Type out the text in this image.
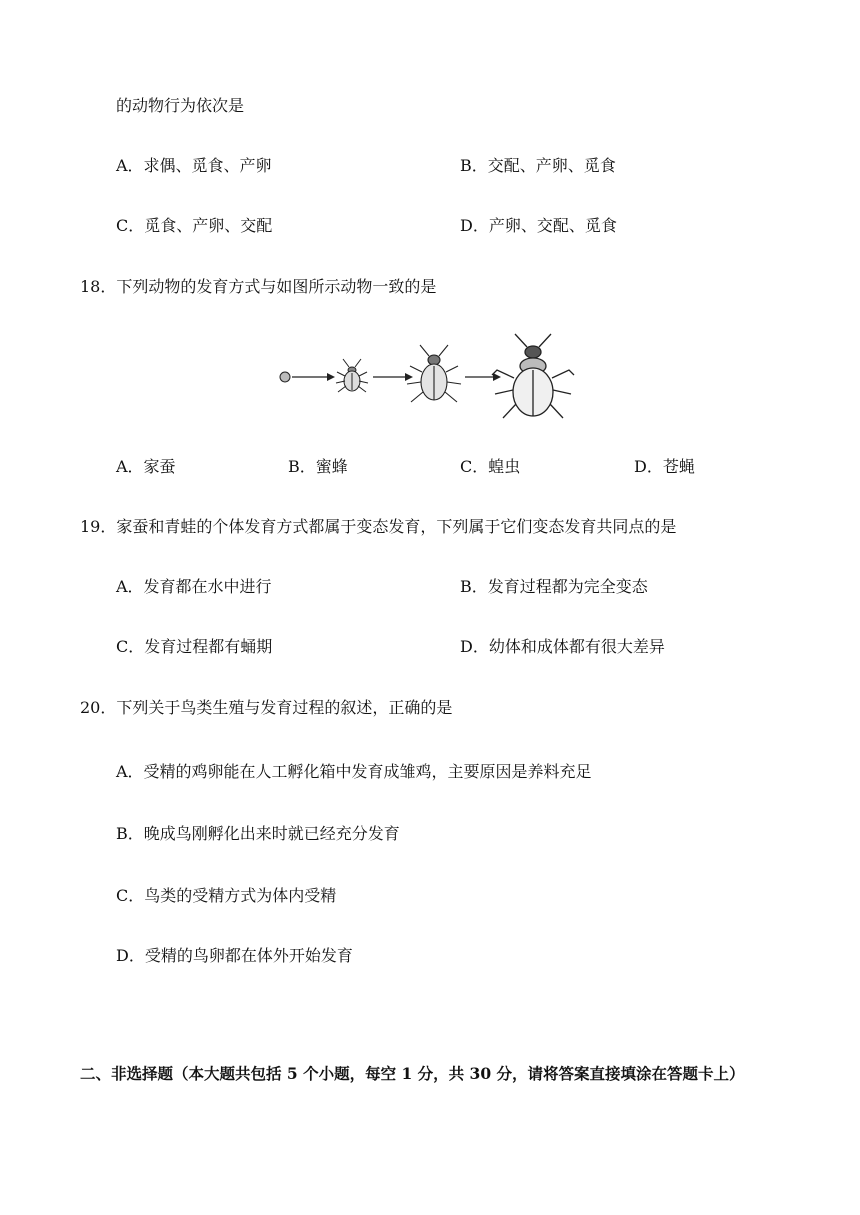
的动物行为依次是
A．求偶、觅食、产卵	B．交配、产卵、觅食
C．觅食、产卵、交配	D．产卵、交配、觅食
18．下列动物的发育方式与如图所示动物一致的是
A．家蚕	B．蜜蜂	C．蝗虫	D．苍蝇
19．家蚕和青蛙的个体发育方式都属于变态发育，下列属于它们变态发育共同点的是
A．发育都在水中进行	B．发育过程都为完全变态
C．发育过程都有蛹期	D．幼体和成体都有很大差异
20．下列关于鸟类生殖与发育过程的叙述，正确的是
A．受精的鸡卵能在人工孵化箱中发育成雏鸡，主要原因是养料充足
B．晚成鸟刚孵化出来时就已经充分发育
C．鸟类的受精方式为体内受精
D．受精的鸟卵都在体外开始发育
二、非选择题（本大题共包括 5 个小题，每空 1 分，共 30 分，请将答案直接填涂在答题卡上）
